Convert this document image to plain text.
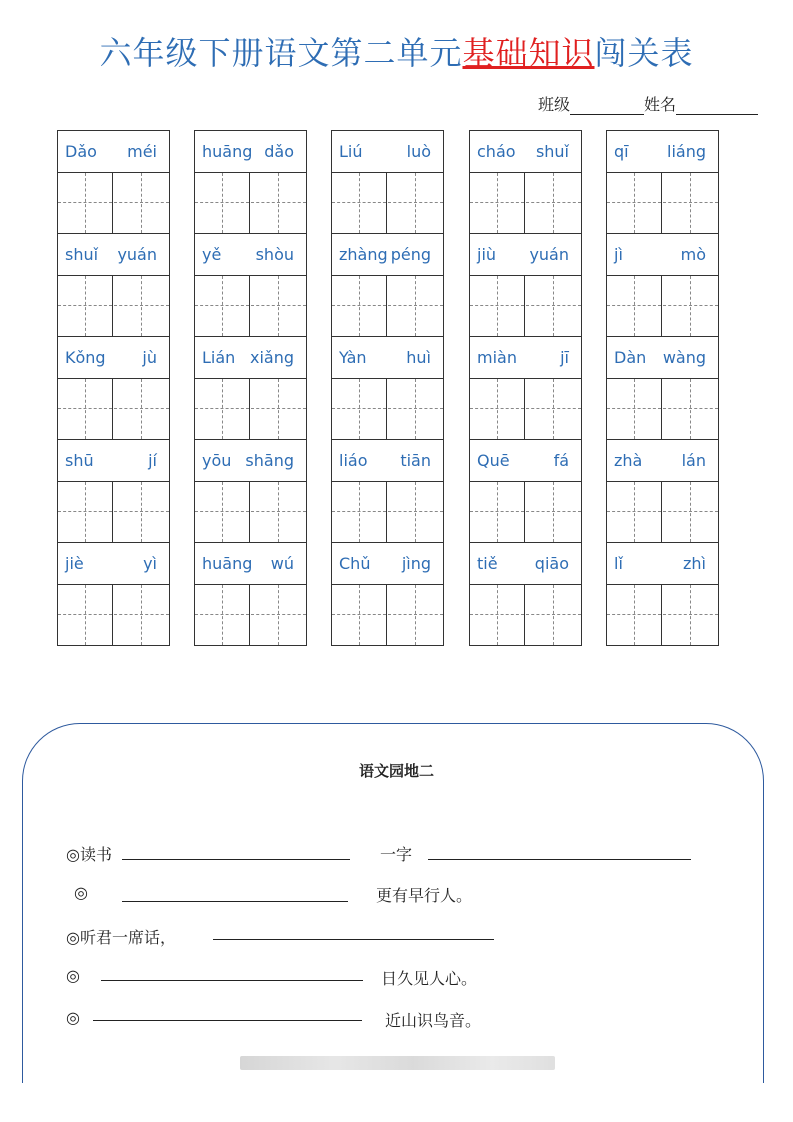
六年级下册语文第二单元基础知识闯关表
班级	姓名
Dǎo méi
shuǐ yuán
Kǒng jù
shū	jí
jiè	yì
huāng dǎo
yě shòu
Lián xiǎng
yōu shāng
huāng wú
Liú	luò
zhàng péng
Yàn huì
liáo tiān
Chǔ jìng
cháo shuǐ
jiù yuán
miàn	jī
Quē	fá
tiě qiāo
qī liáng
jì	mò
Dàn wàng
zhà lán
lǐ	zhì
语文园地二
◎读书	一字
◎	更有早行人。
◎听君一席话，
◎	日久见人心。
◎	近山识鸟音。
